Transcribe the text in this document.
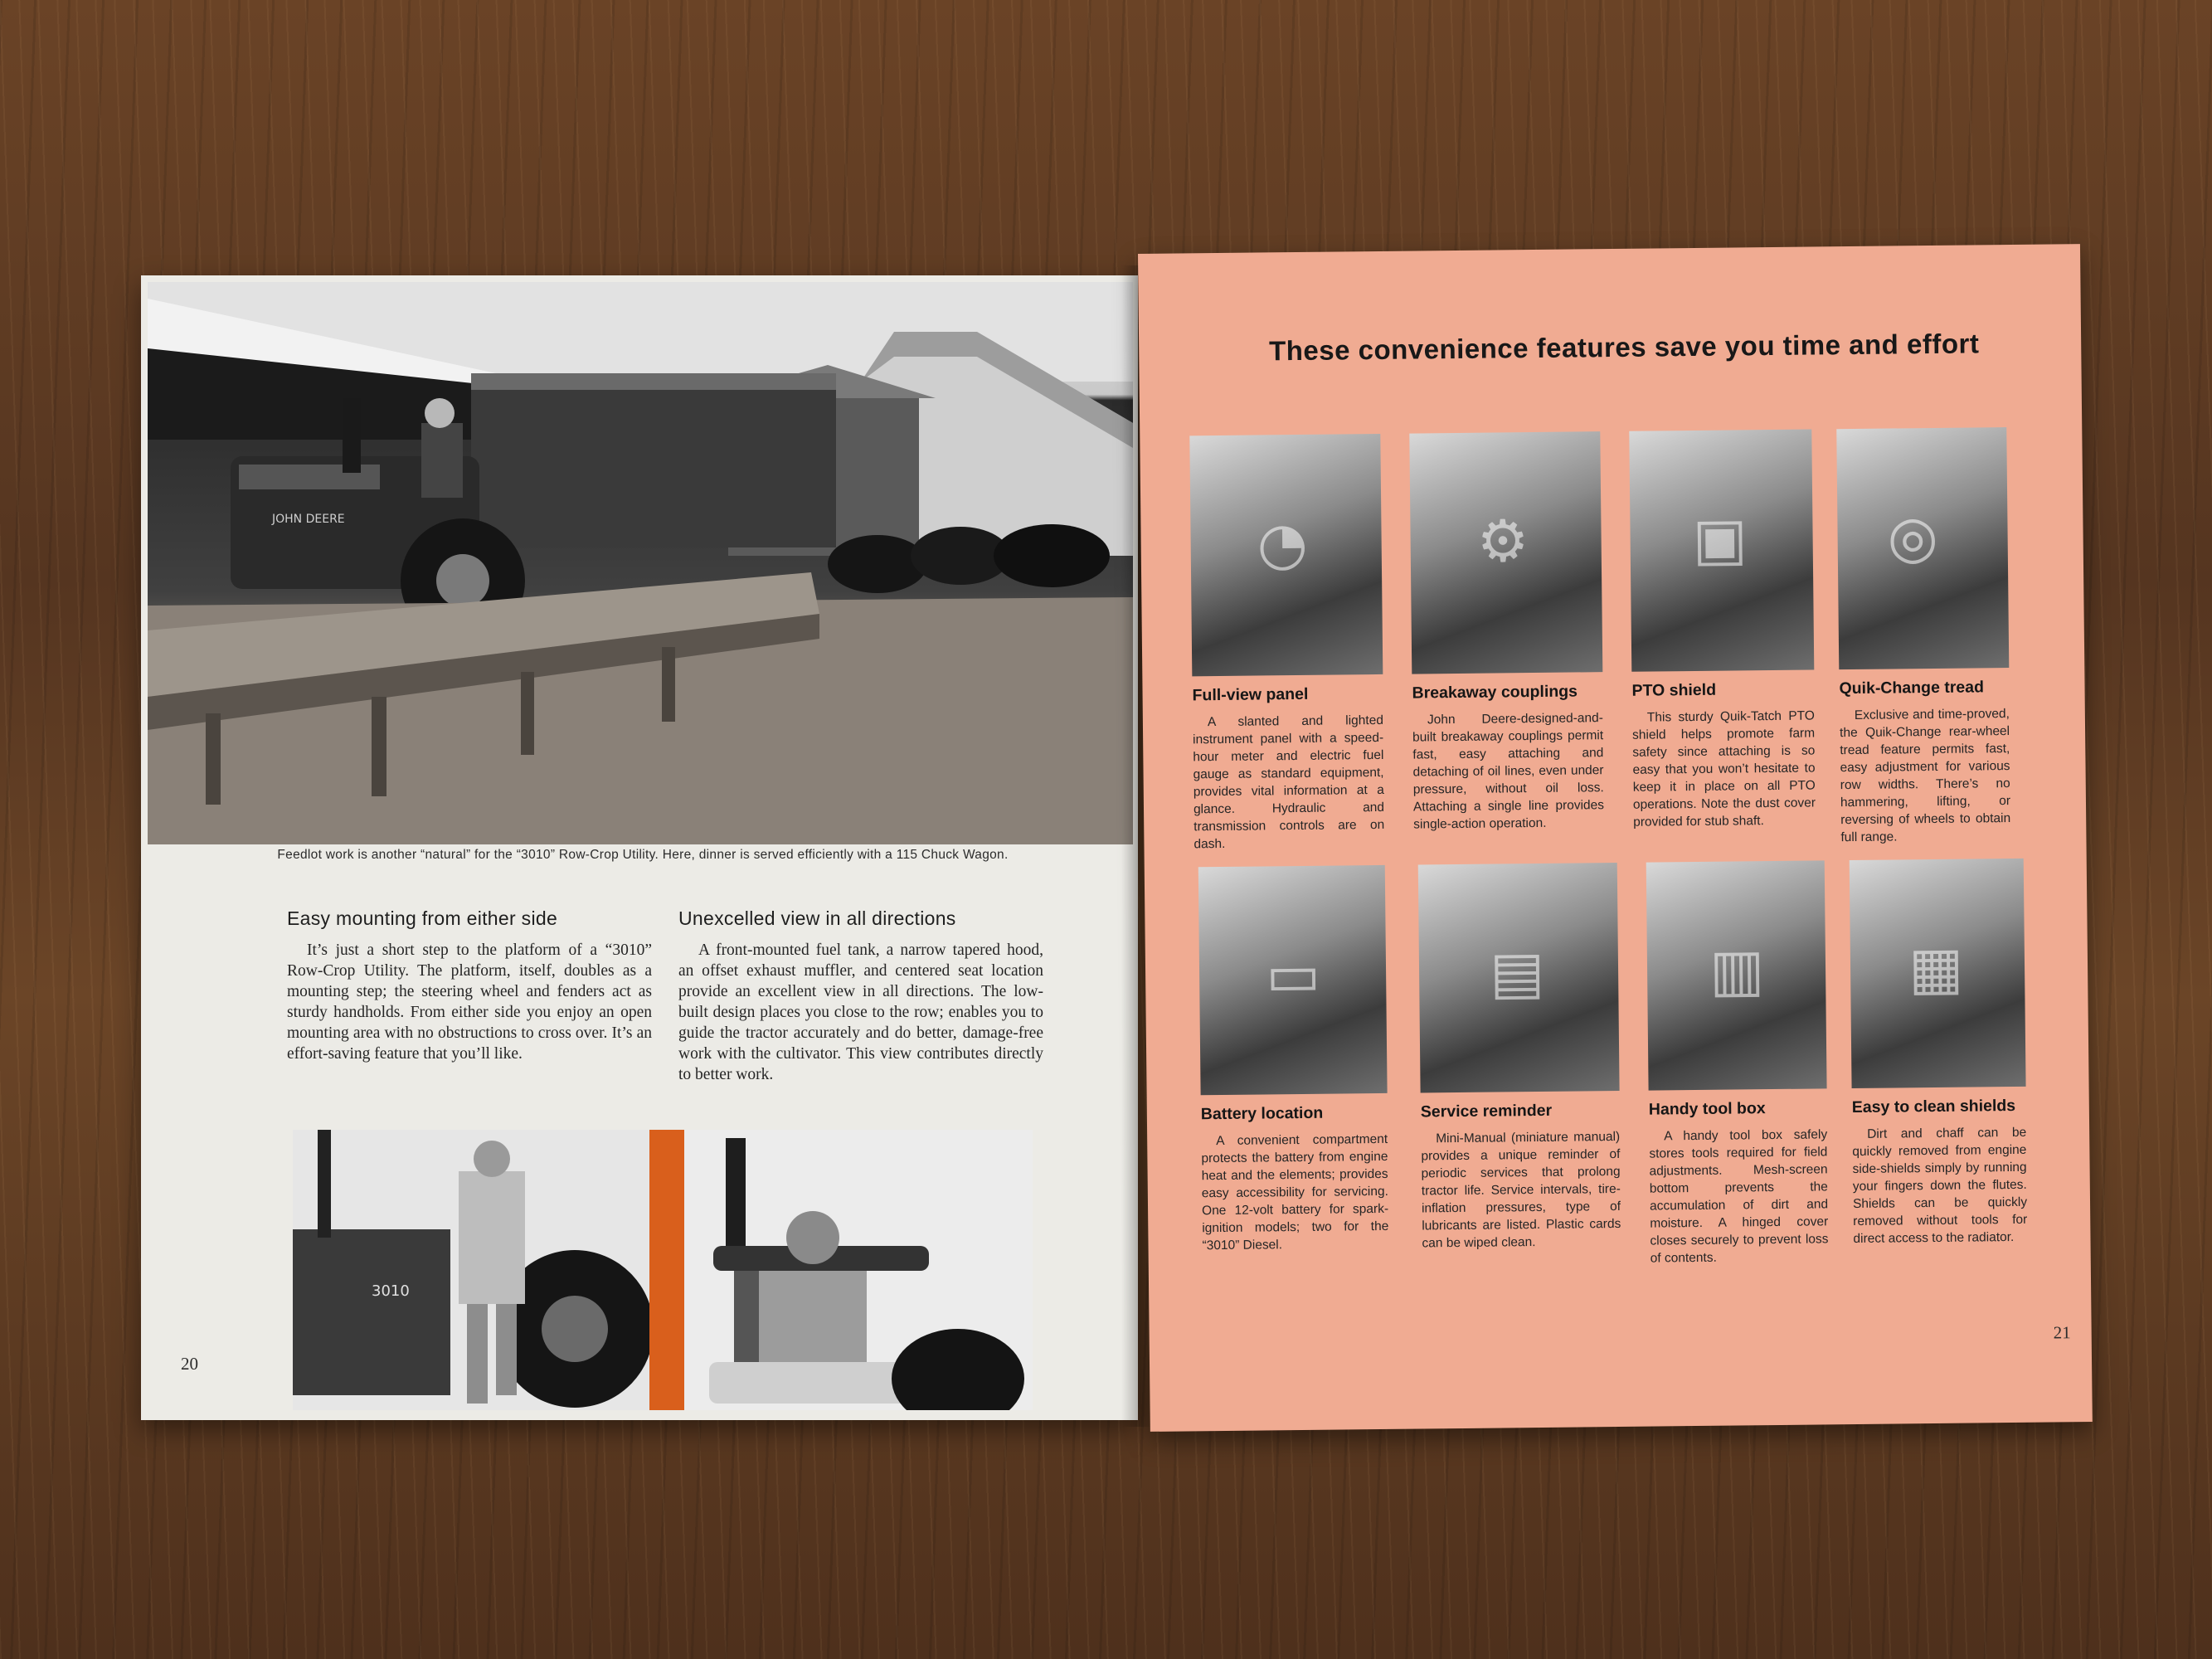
JOHN DEERE
Feedlot work is another “natural” for the “3010” Row-Crop Utility. Here, dinner is served efficiently with a 115 Chuck Wagon.
Easy mounting from either side

It’s just a short step to the platform of a “3010” Row-Crop Utility. The platform, itself, doubles as a mounting step; the steering wheel and fenders act as sturdy handholds. From either side you enjoy an open mounting area with no obstructions to cross over. It’s an effort-saving feature that you’ll like.

Unexcelled view in all directions

A front-mounted fuel tank, a narrow tapered hood, an offset exhaust muffler, and centered seat location provide an excellent view in all directions. The low-built design places you close to the row; enables you to guide the tractor accurately and do better, damage-free work with the cultivator. This view contributes directly to better work.

3010
20
These convenience features save you time and effort
◔
Full-view panel

A slanted and lighted instrument panel with a speed-hour meter and electric fuel gauge as standard equipment, provides vital information at a glance. Hydraulic and transmission controls are on dash.

⚙
Breakaway couplings

John Deere-designed-and-built breakaway couplings permit fast, easy attaching and detaching of oil lines, even under pressure, without oil loss. Attaching a single line provides single-action operation.

▣
PTO shield

This sturdy Quik-Tatch PTO shield helps promote farm safety since attaching is so easy that you won’t hesitate to keep it in place on all PTO operations. Note the dust cover provided for stub shaft.

◎
Quik-Change tread

Exclusive and time-proved, the Quik-Change rear-wheel tread feature permits fast, easy adjustment for various row widths. There’s no hammering, lifting, or reversing of wheels to obtain full range.

▭
Battery location

A convenient compartment protects the battery from engine heat and the elements; provides easy accessibility for servicing. One 12-volt battery for spark-ignition models; two for the “3010” Diesel.

▤
Service reminder

Mini-Manual (miniature manual) provides a unique reminder of periodic services that prolong tractor life. Service intervals, tire-inflation pressures, type of lubricants are listed. Plastic cards can be wiped clean.

▥
Handy tool box

A handy tool box safely stores tools required for field adjustments. Mesh-screen bottom prevents the accumulation of dirt and moisture. A hinged cover closes securely to prevent loss of contents.

▦
Easy to clean shields

Dirt and chaff can be quickly removed from engine side-shields simply by running your fingers down the flutes. Shields can be quickly removed without tools for direct access to the radiator.

21
